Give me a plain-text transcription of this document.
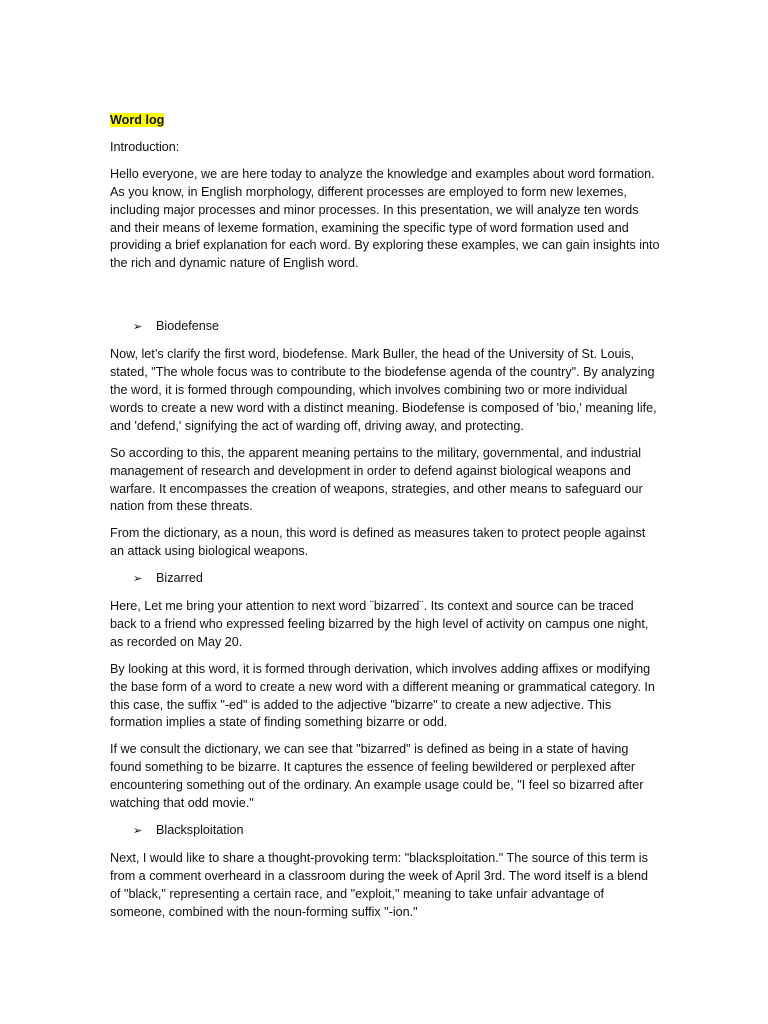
Word log

Introduction:

Hello everyone, we are here today to analyze the knowledge and examples about word formation. As you know, in English morphology, different processes are employed to form new lexemes, including major processes and minor processes. In this presentation, we will analyze ten words and their means of lexeme formation, examining the specific type of word formation used and providing a brief explanation for each word. By exploring these examples, we can gain insights into the rich and dynamic nature of English word.

➢	Biodefense

Now, let’s clarify the first word, biodefense. Mark Buller, the head of the University of St. Louis, stated, "The whole focus was to contribute to the biodefense agenda of the country". By analyzing the word, it is formed through compounding, which involves combining two or more individual words to create a new word with a distinct meaning. Biodefense is composed of 'bio,' meaning life, and 'defend,' signifying the act of warding off, driving away, and protecting.

So according to this, the apparent meaning pertains to the military, governmental, and industrial management of research and development in order to defend against biological weapons and warfare. It encompasses the creation of weapons, strategies, and other means to safeguard our nation from these threats.

From the dictionary, as a noun, this word is defined as measures taken to protect people against an attack using biological weapons.

➢	Bizarred

Here, Let me bring your attention to next word ¨bizarred¨. Its context and source can be traced back to a friend who expressed feeling bizarred by the high level of activity on campus one night, as recorded on May 20.

By looking at this word, it is formed through derivation, which involves adding affixes or modifying the base form of a word to create a new word with a different meaning or grammatical category. In this case, the suffix "-ed" is added to the adjective "bizarre" to create a new adjective. This formation implies a state of finding something bizarre or odd.

If we consult the dictionary, we can see that "bizarred" is defined as being in a state of having found something to be bizarre. It captures the essence of feeling bewildered or perplexed after encountering something out of the ordinary. An example usage could be, "I feel so bizarred after watching that odd movie."

➢	Blacksploitation

Next, I would like to share a thought-provoking term: "blacksploitation." The source of this term is from a comment overheard in a classroom during the week of April 3rd. The word itself is a blend of "black," representing a certain race, and "exploit," meaning to take unfair advantage of someone, combined with the noun-forming suffix "-ion."
